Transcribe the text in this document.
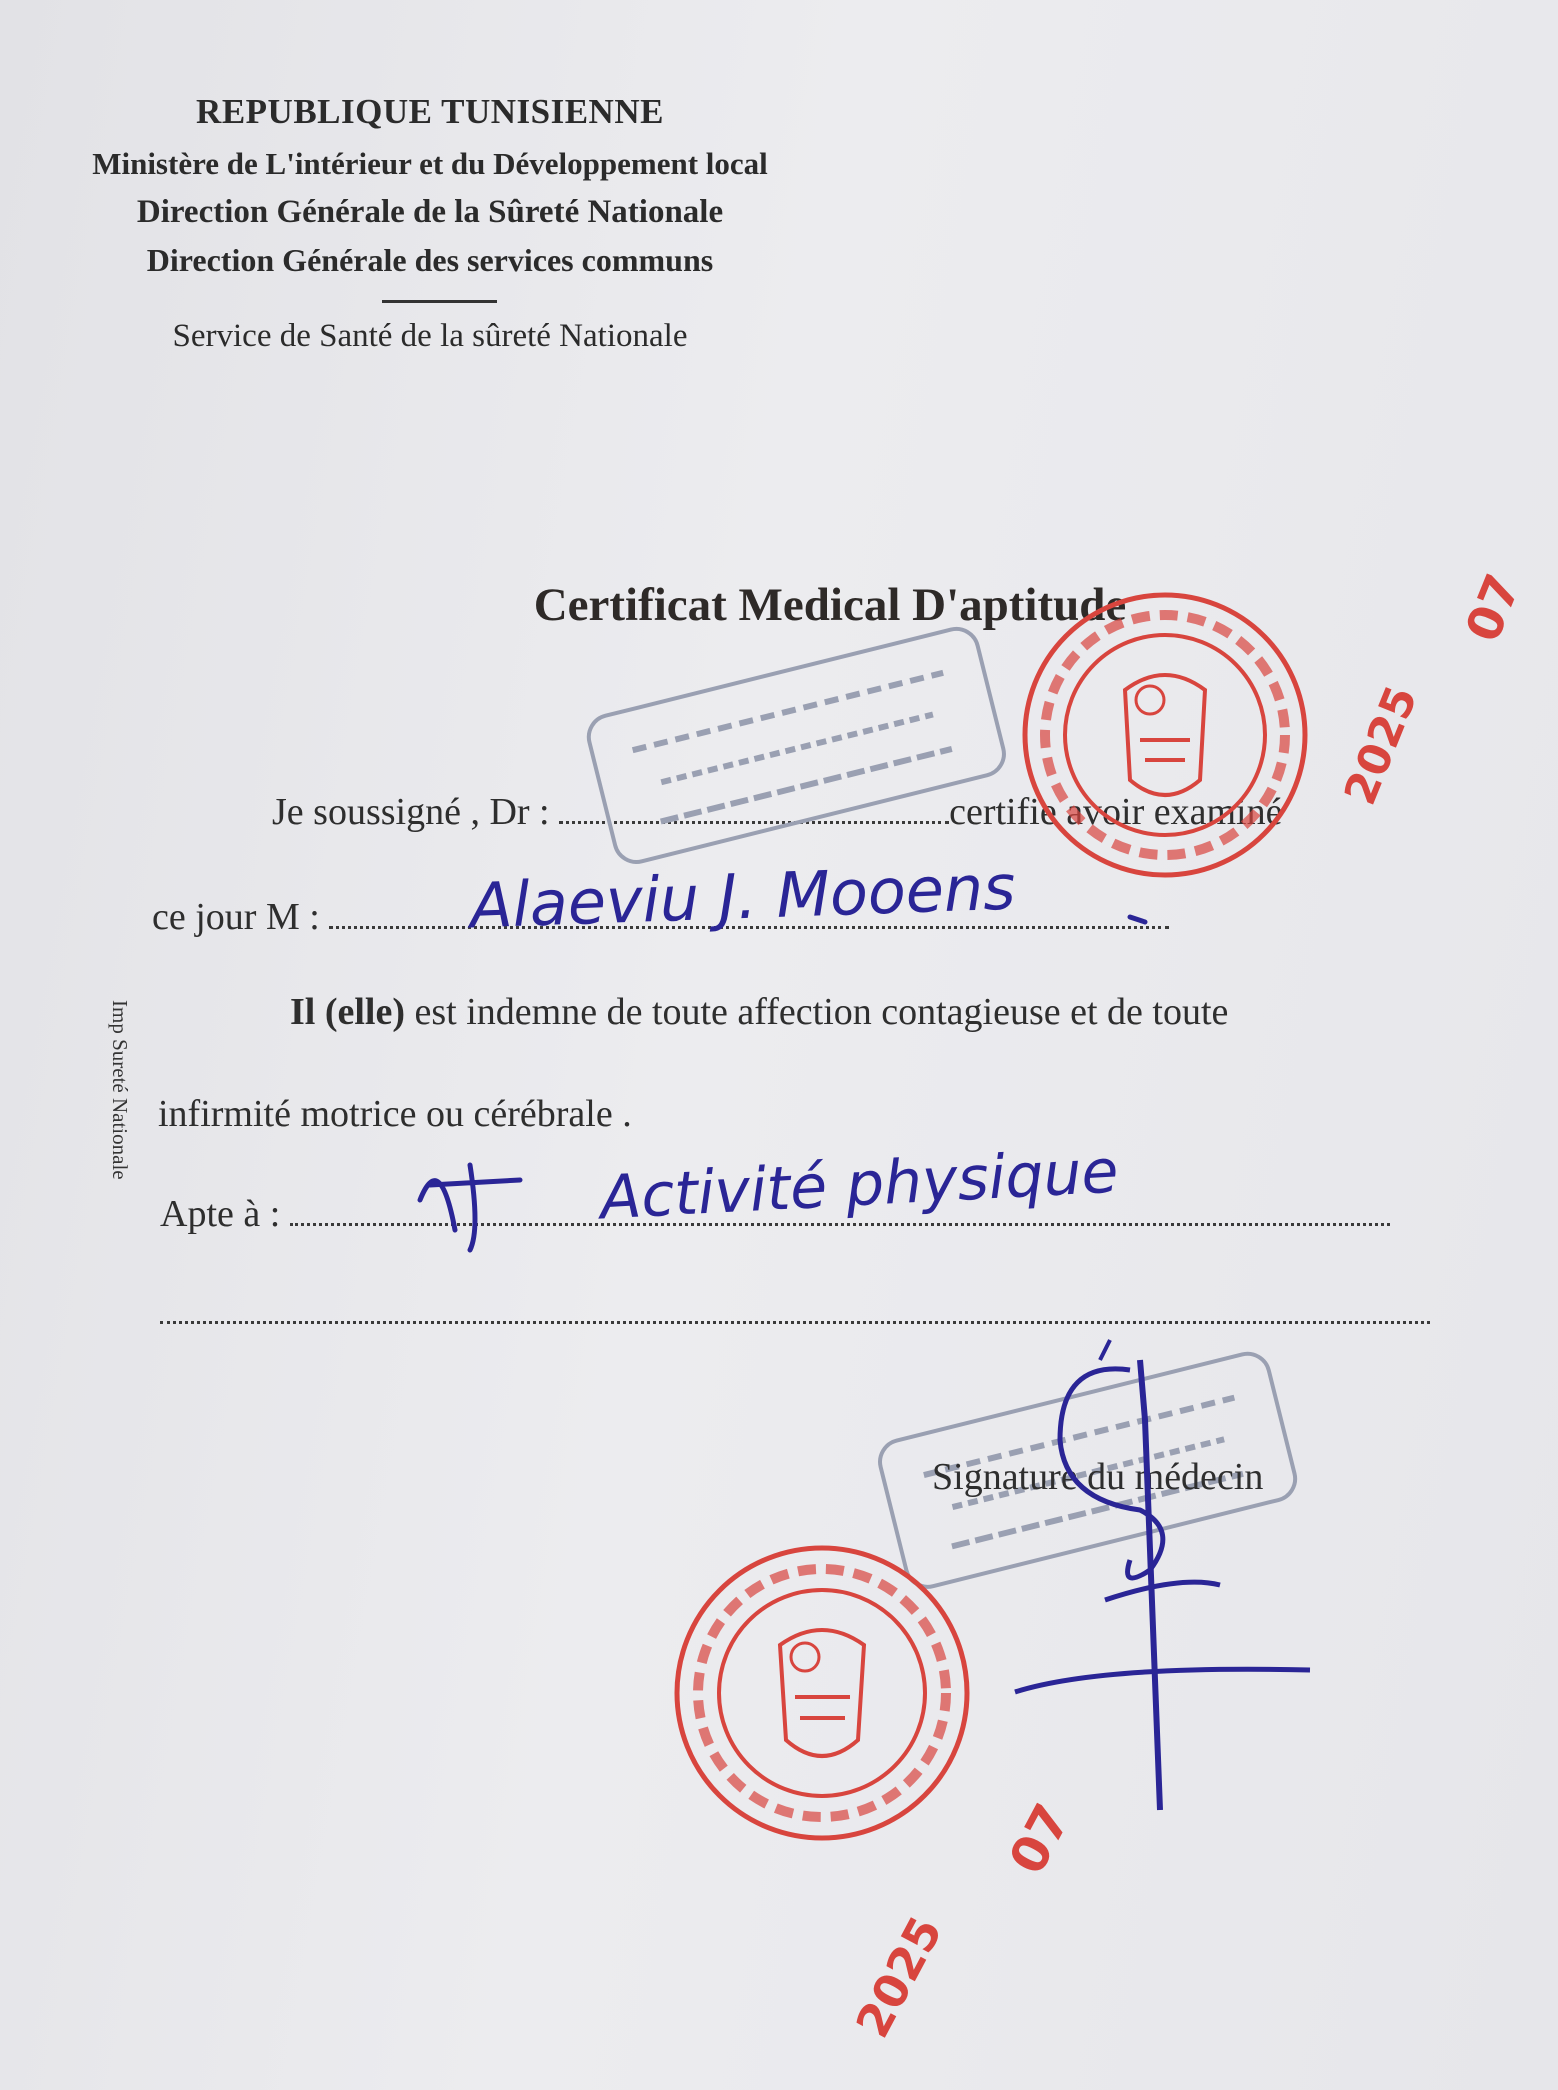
REPUBLIQUE TUNISIENNE
Ministère de L'intérieur et du Développement local
Direction Générale de la Sûreté Nationale
Direction Générale des services communs
Service de Santé de la sûreté Nationale
Certificat Medical D'aptitude
Je soussigné , Dr :	certifie avoir examiné
ce jour M :
Il (elle) est indemne de toute affection contagieuse et de toute
infirmité motrice ou cérébrale .
Apte à :
Imp Sureté Nationale
Signature du médecin
2025
07
2025
07
Alaeviu J. Mooens
Activité physique
